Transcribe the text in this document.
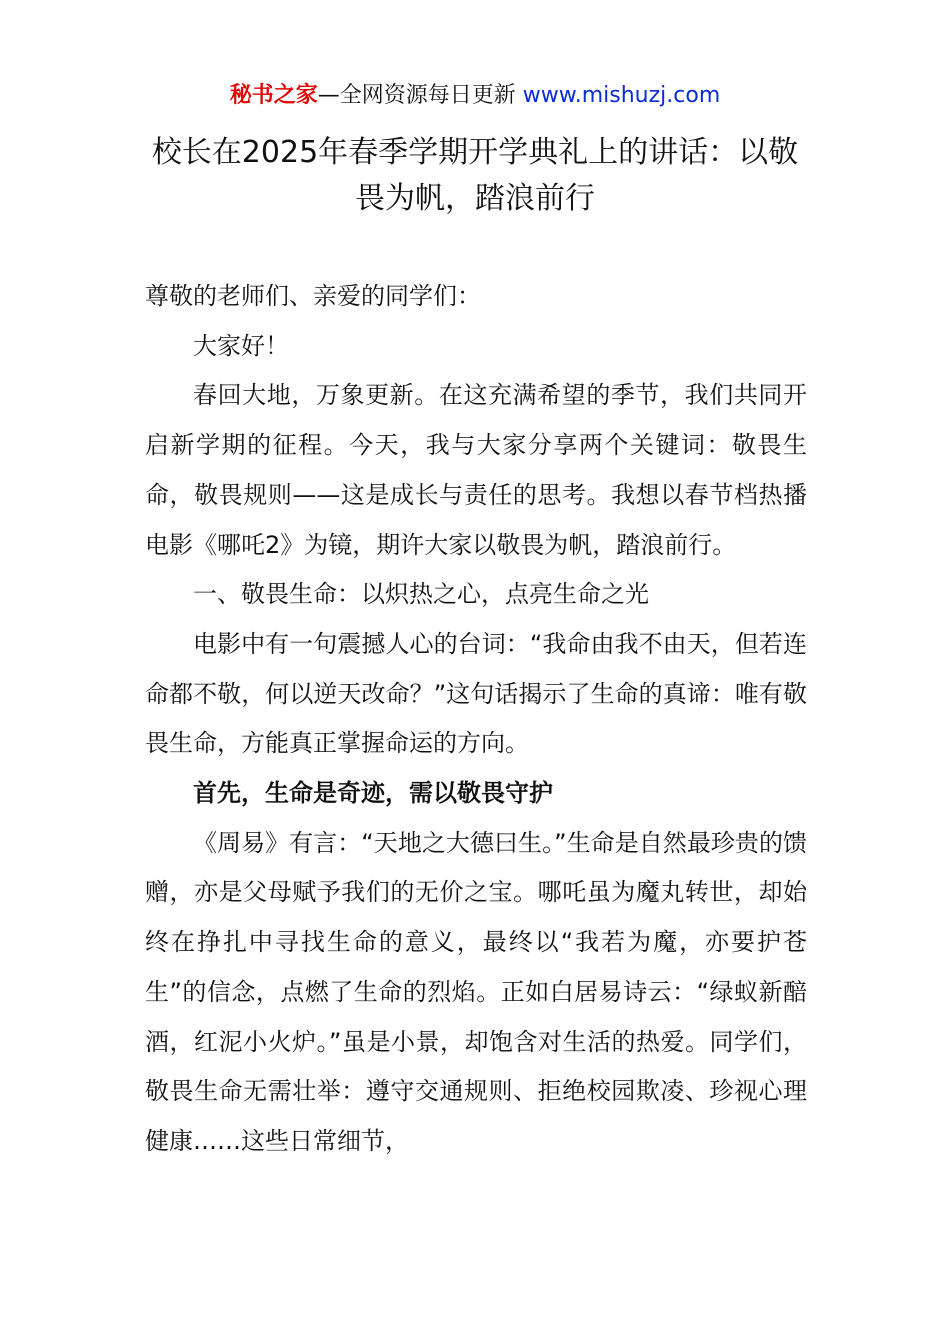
秘书之家—全网资源每日更新 www.mishuzj.com
校长在2025年春季学期开学典礼上的讲话：以敬畏为帆，踏浪前行

尊敬的老师们、亲爱的同学们：

大家好！

春回大地，万象更新。在这充满希望的季节，我们共同开启新学期的征程。今天，我与大家分享两个关键词：敬畏生命，敬畏规则——这是成长与责任的思考。我想以春节档热播电影《哪吒2》为镜，期许大家以敬畏为帆，踏浪前行。

一、敬畏生命：以炽热之心，点亮生命之光

电影中有一句震撼人心的台词：“我命由我不由天，但若连命都不敬，何以逆天改命？”这句话揭示了生命的真谛：唯有敬畏生命，方能真正掌握命运的方向。

首先，生命是奇迹，需以敬畏守护

《周易》有言：“天地之大德曰生。”生命是自然最珍贵的馈赠，亦是父母赋予我们的无价之宝。哪吒虽为魔丸转世，却始终在挣扎中寻找生命的意义，最终以“我若为魔，亦要护苍生”的信念，点燃了生命的烈焰。正如白居易诗云：“绿蚁新醅酒，红泥小火炉。”虽是小景，却饱含对生活的热爱。同学们，敬畏生命无需壮举：遵守交通规则、拒绝校园欺凌、珍视心理健康……这些日常细节，
